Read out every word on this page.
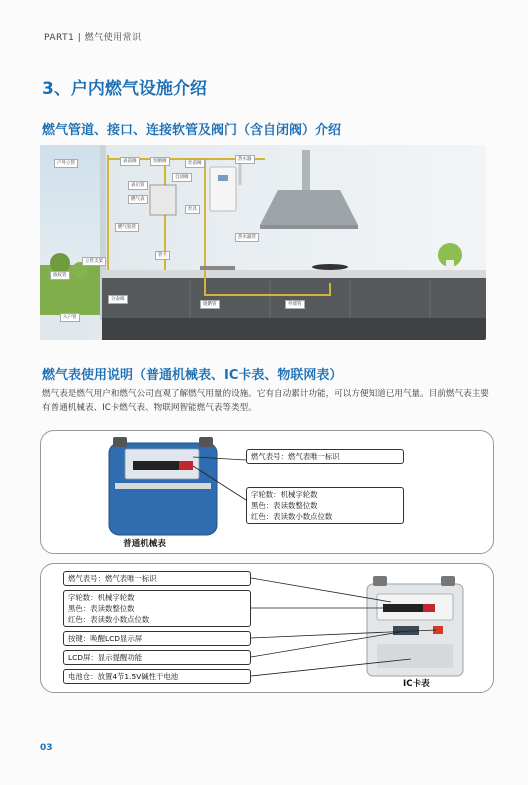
PART1 | 燃气使用常识
3、户内燃气设施介绍
燃气管道、接口、连接软管及阀门（含自闭阀）介绍
户外立管	表前阀	切断阀	灶前阀
热水器
自闭阀
表后管
燃气表
燃气软管
管卡
热水器管
灶具
阻燃管	外墙管
入户管
波纹管
立管支架
分表阀
燃气表使用说明（普通机械表、IC卡表、物联网表）
燃气表是燃气用户和燃气公司直观了解燃气用量的设施。它有自动累计功能，可以方便知道已用气量。目前燃气表主要有普通机械表、IC卡燃气表、物联网智能燃气表等类型。
燃气表号：燃气表唯一标识
字轮数：机械字轮数
黑色：表读数整位数
红色：表读数小数点位数
普通机械表
燃气表号：燃气表唯一标识
字轮数：机械字轮数
黑色：表读数整位数
红色：表读数小数点位数
按键：唤醒LCD显示屏
LCD屏：显示提醒功能
电池仓：放置4节1.5V碱性干电池
IC卡表
03
